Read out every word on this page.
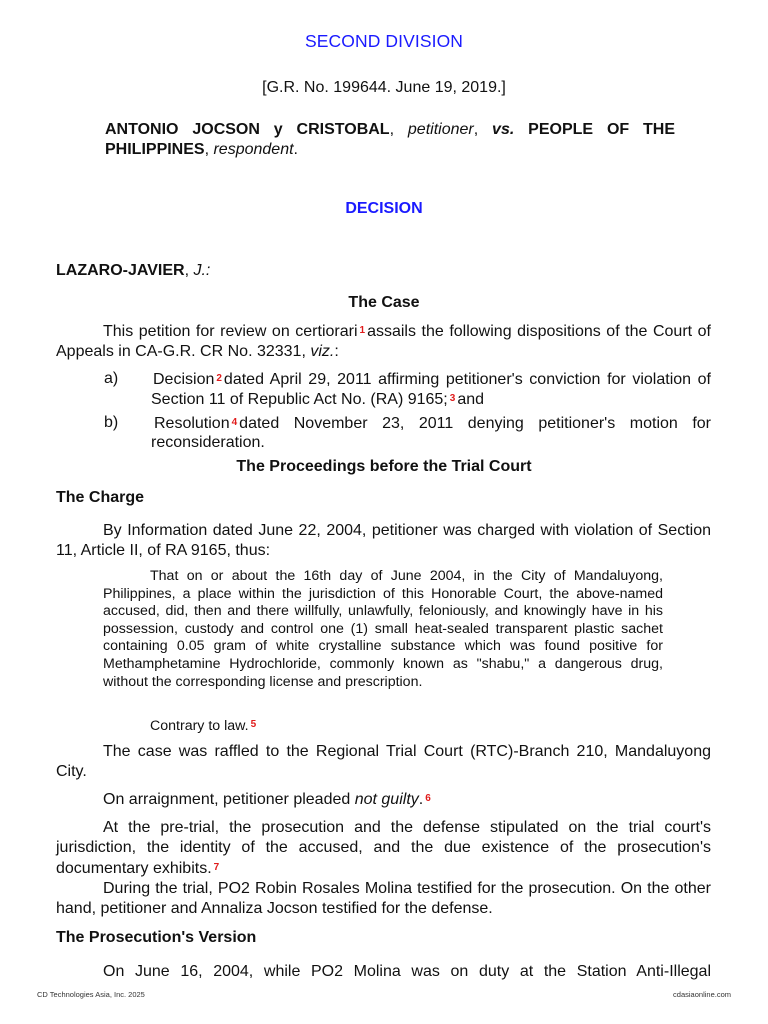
SECOND DIVISION
[G.R. No. 199644. June 19, 2019.]
ANTONIO JOCSON y CRISTOBAL, petitioner, vs. PEOPLE OF THE PHILIPPINES, respondent.
DECISION
LAZARO-JAVIER, J.:
The Case
This petition for review on certiorari 1 assails the following dispositions of the Court of Appeals in CA-G.R. CR No. 32331, viz.:
a) Decision 2 dated April 29, 2011 affirming petitioner's conviction for violation of Section 11 of Republic Act No. (RA) 9165; 3 and
b) Resolution 4 dated November 23, 2011 denying petitioner's motion for reconsideration.
The Proceedings before the Trial Court
The Charge
By Information dated June 22, 2004, petitioner was charged with violation of Section 11, Article II, of RA 9165, thus:
That on or about the 16th day of June 2004, in the City of Mandaluyong, Philippines, a place within the jurisdiction of this Honorable Court, the above-named accused, did, then and there willfully, unlawfully, feloniously, and knowingly have in his possession, custody and control one (1) small heat-sealed transparent plastic sachet containing 0.05 gram of white crystalline substance which was found positive for Methamphetamine Hydrochloride, commonly known as "shabu," a dangerous drug, without the corresponding license and prescription.
Contrary to law. $^5$
The case was raffled to the Regional Trial Court (RTC)-Branch 210, Mandaluyong City.
On arraignment, petitioner pleaded not guilty. 6
At the pre-trial, the prosecution and the defense stipulated on the trial court's jurisdiction, the identity of the accused, and the due existence of the prosecution's documentary exhibits. 7
During the trial, PO2 Robin Rosales Molina testified for the prosecution. On the other hand, petitioner and Annaliza Jocson testified for the defense.
The Prosecution's Version
On June 16, 2004, while PO2 Molina was on duty at the Station Anti-Illegal
CD Technologies Asia, Inc. 2025	cdasiaonline.com
